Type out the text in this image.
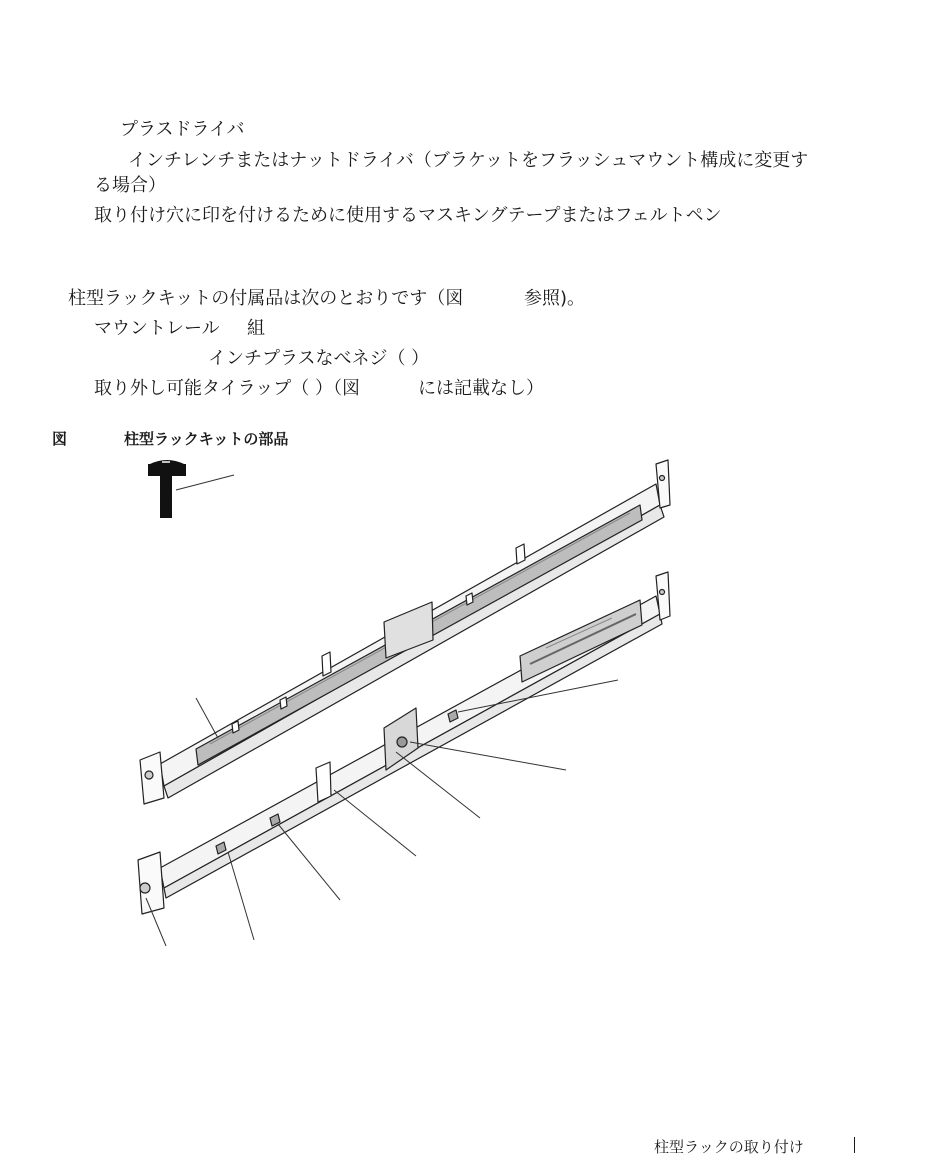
プラスドライバ
インチレンチまたはナットドライバ（ブラケットをフラッシュマウント構成に変更す
る場合）
取り付け穴に印を付けるために使用するマスキングテープまたはフェルトペン
柱型ラックキットの付属品は次のとおりです（図	参照)。
マウントレール 組
インチプラスなべネジ（ ）
取り外し可能タイラップ（ ）（図	には記載なし）
図	柱型ラックキットの部品
柱型ラックの取り付け
